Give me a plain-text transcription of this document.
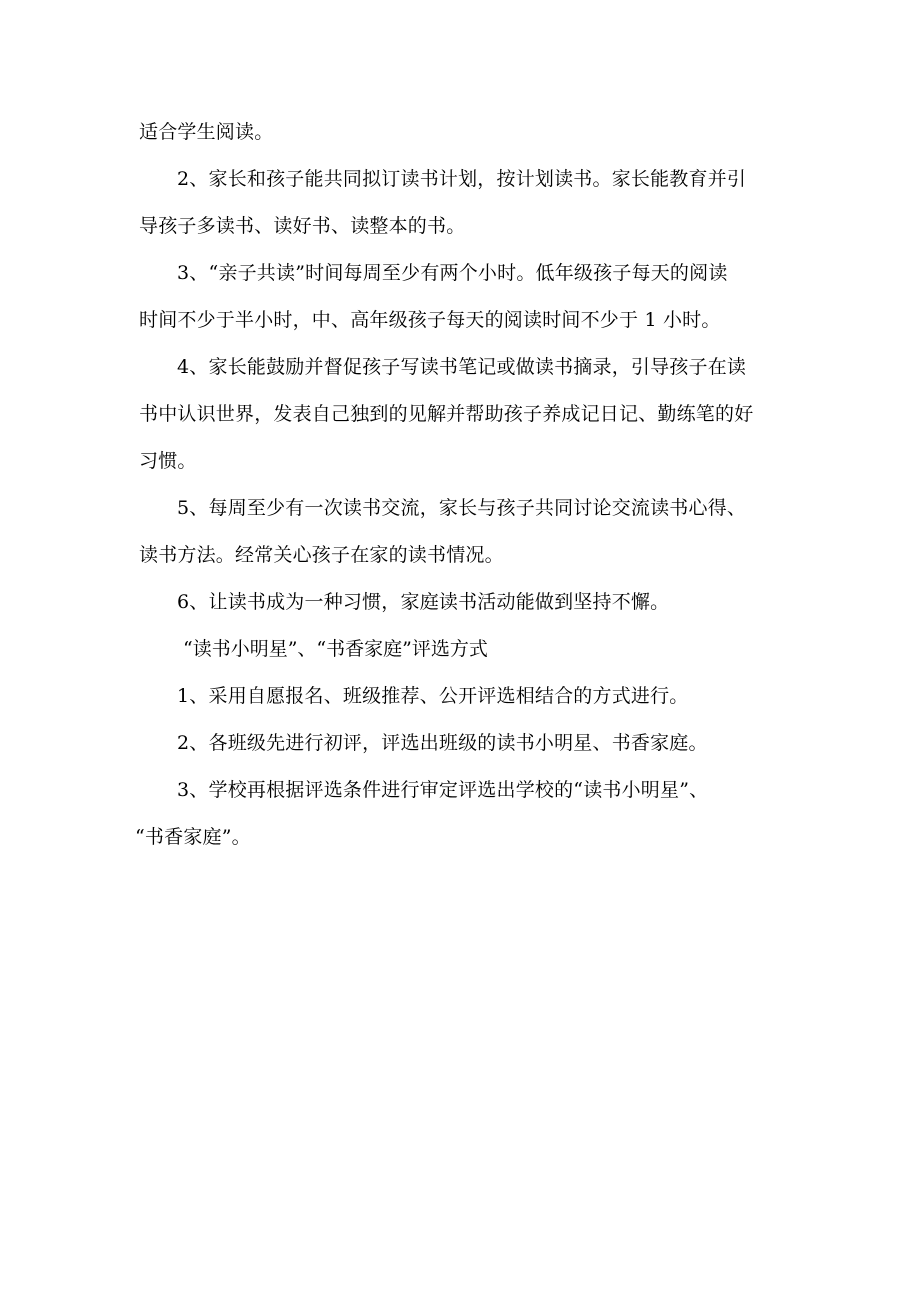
适合学生阅读。

2、家长和孩子能共同拟订读书计划，按计划读书。家长能教育并引
导孩子多读书、读好书、读整本的书。

3、“亲子共读”时间每周至少有两个小时。低年级孩子每天的阅读
时间不少于半小时，中、高年级孩子每天的阅读时间不少于 1 小时。

4、家长能鼓励并督促孩子写读书笔记或做读书摘录，引导孩子在读
书中认识世界，发表自己独到的见解并帮助孩子养成记日记、勤练笔的好
习惯。

5、每周至少有一次读书交流，家长与孩子共同讨论交流读书心得、
读书方法。经常关心孩子在家的读书情况。

6、让读书成为一种习惯，家庭读书活动能做到坚持不懈。

“读书小明星”、“书香家庭”评选方式

1、采用自愿报名、班级推荐、公开评选相结合的方式进行。

2、各班级先进行初评，评选出班级的读书小明星、书香家庭。

3、学校再根据评选条件进行审定评选出学校的“读书小明星”、
“书香家庭”。
